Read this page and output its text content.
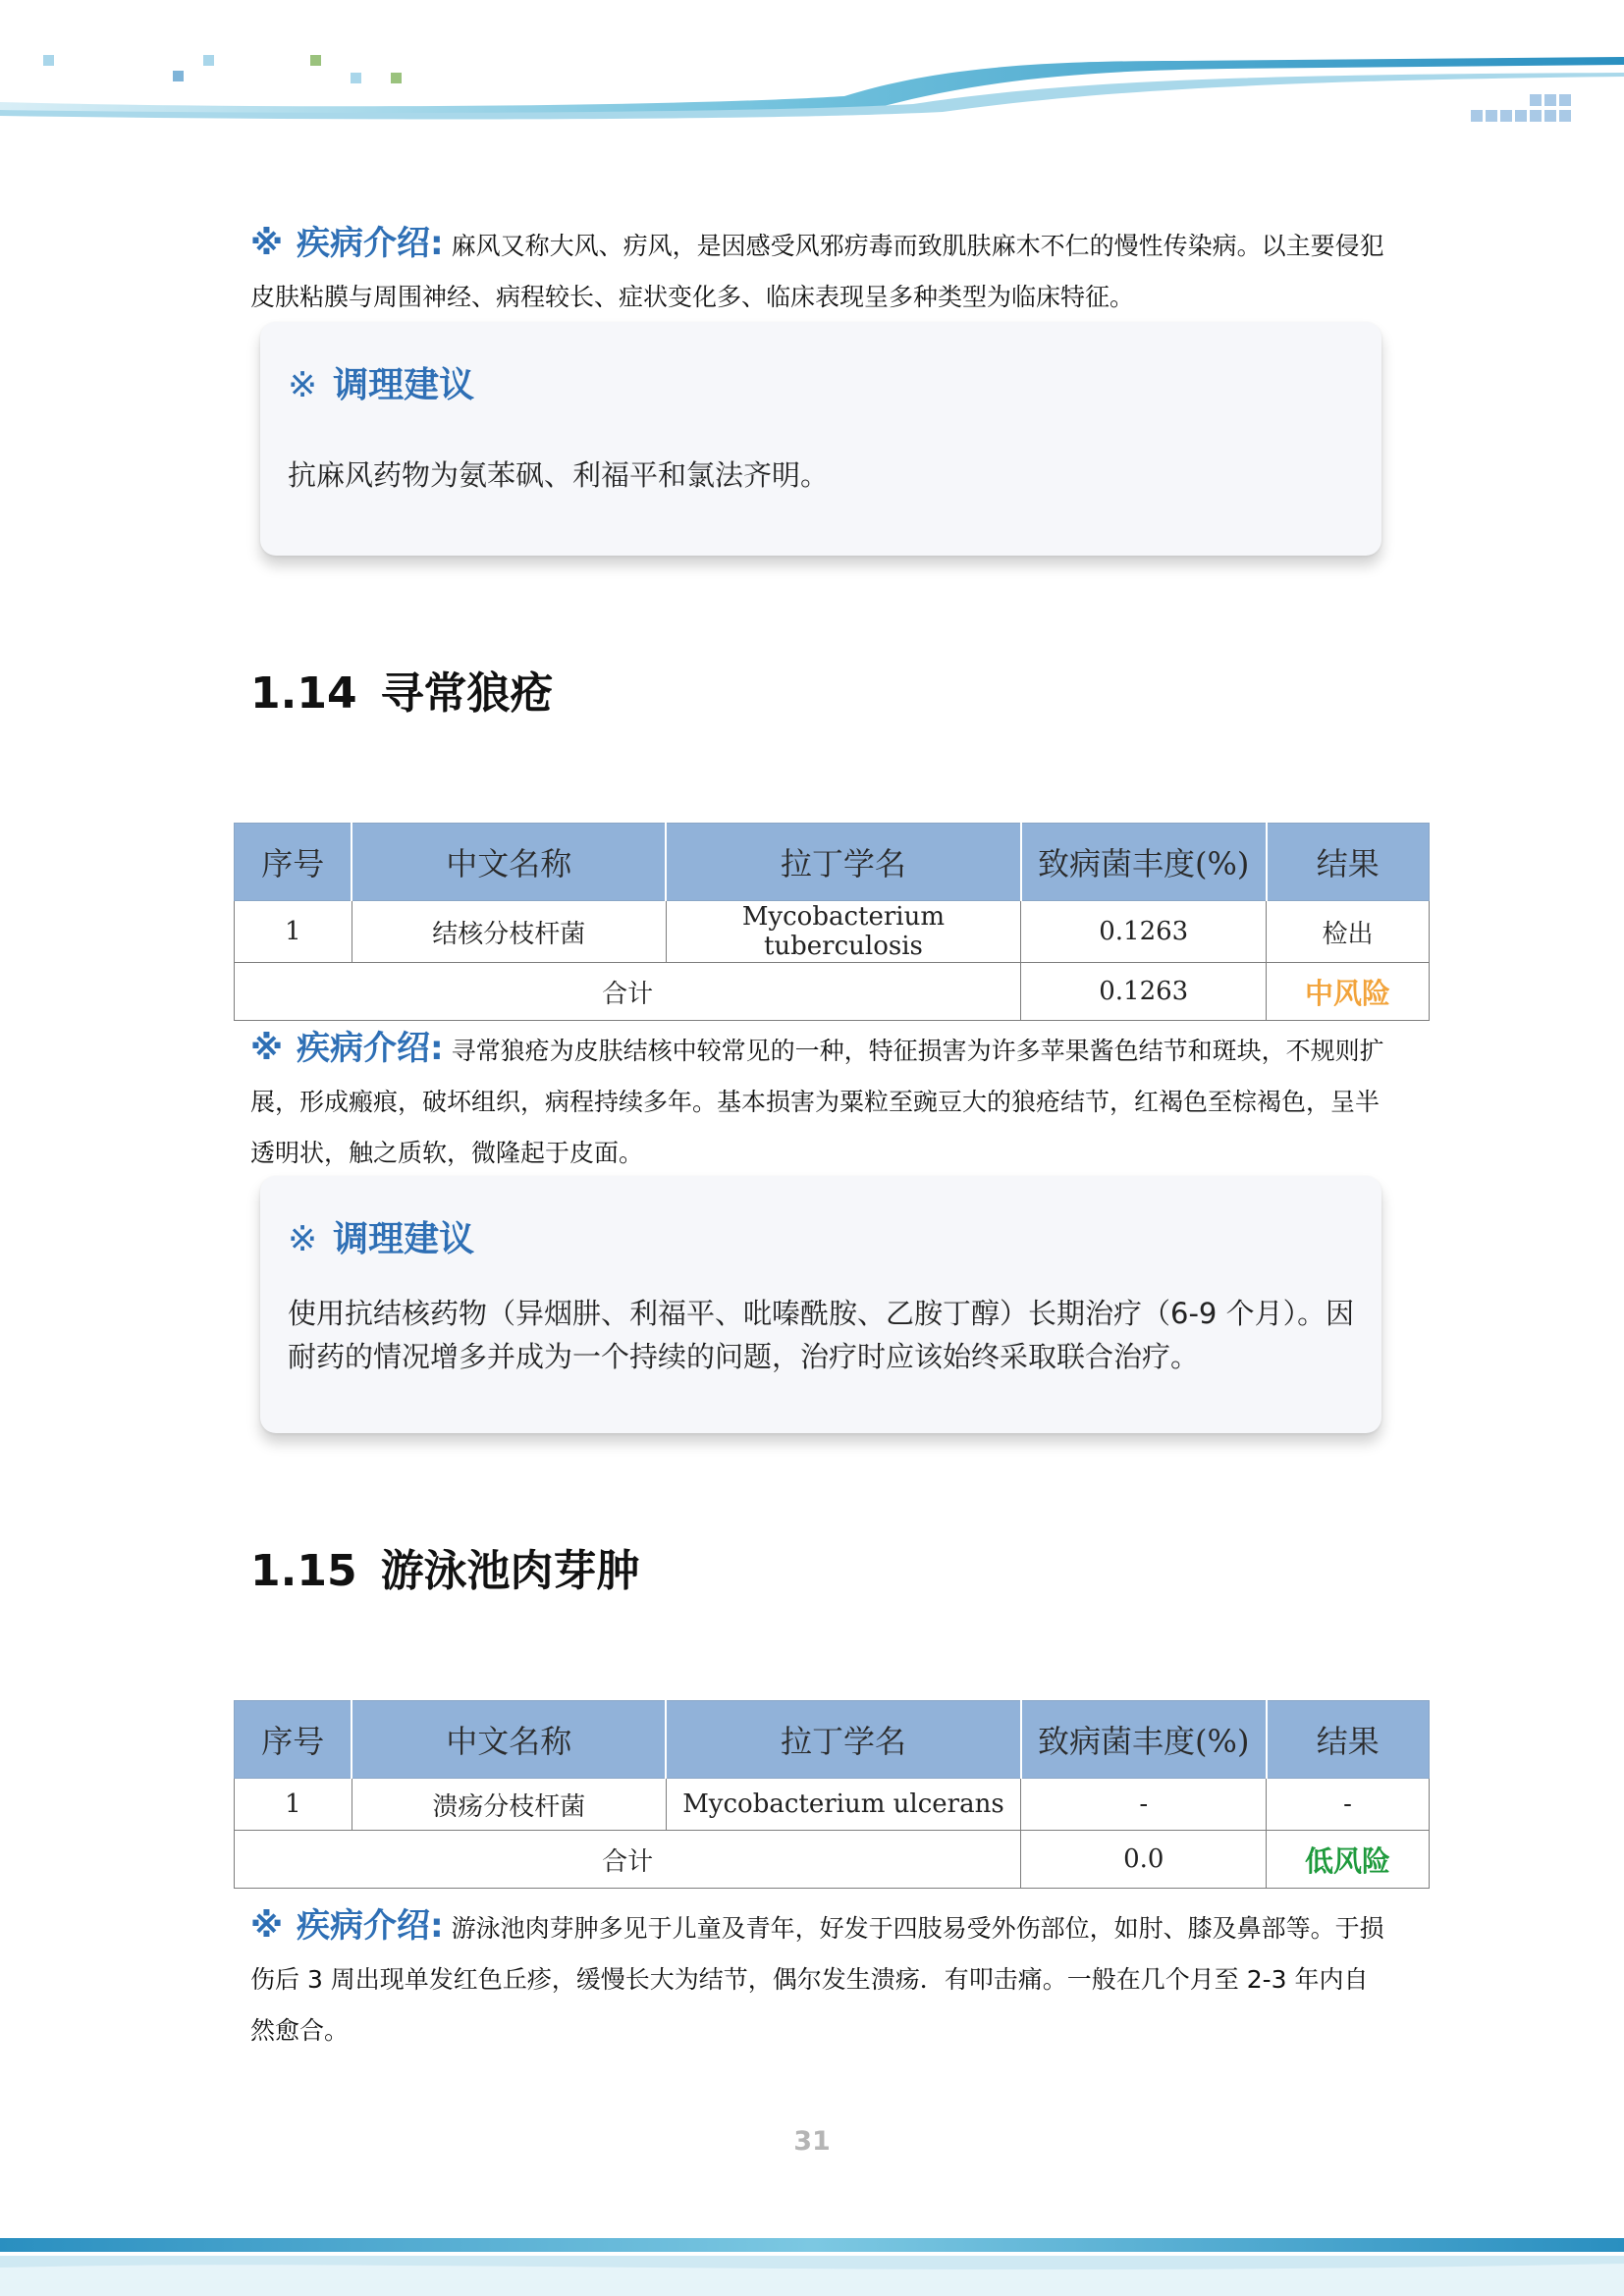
※ 疾病介绍: 麻风又称大风、疠风，是因感受风邪疠毒而致肌肤麻木不仁的慢性传染病。以主要侵犯皮肤粘膜与周围神经、病程较长、症状变化多、临床表现呈多种类型为临床特征。
※ 调理建议
抗麻风药物为氨苯砜、利福平和氯法齐明。
1.14 寻常狼疮
序号	中文名称	拉丁学名	致病菌丰度(%)	结果
1	结核分枝杆菌	Mycobacterium tuberculosis	0.1263	检出
合计			0.1263	中风险
※ 疾病介绍: 寻常狼疮为皮肤结核中较常见的一种，特征损害为许多苹果酱色结节和斑块，不规则扩展，形成瘢痕，破坏组织，病程持续多年。基本损害为粟粒至豌豆大的狼疮结节，红褐色至棕褐色，呈半透明状，触之质软，微隆起于皮面。
※ 调理建议
使用抗结核药物（异烟肼、利福平、吡嗪酰胺、乙胺丁醇）长期治疗（6-9 个月）。因耐药的情况增多并成为一个持续的问题，治疗时应该始终采取联合治疗。
1.15 游泳池肉芽肿
序号	中文名称	拉丁学名	致病菌丰度(%)	结果
1	溃疡分枝杆菌	Mycobacterium ulcerans	-	-
合计			0.0	低风险
※ 疾病介绍: 游泳池肉芽肿多见于儿童及青年，好发于四肢易受外伤部位，如肘、膝及鼻部等。于损伤后 3 周出现单发红色丘疹，缓慢长大为结节，偶尔发生溃疡．有叩击痛。一般在几个月至 2-3 年内自然愈合。
31
